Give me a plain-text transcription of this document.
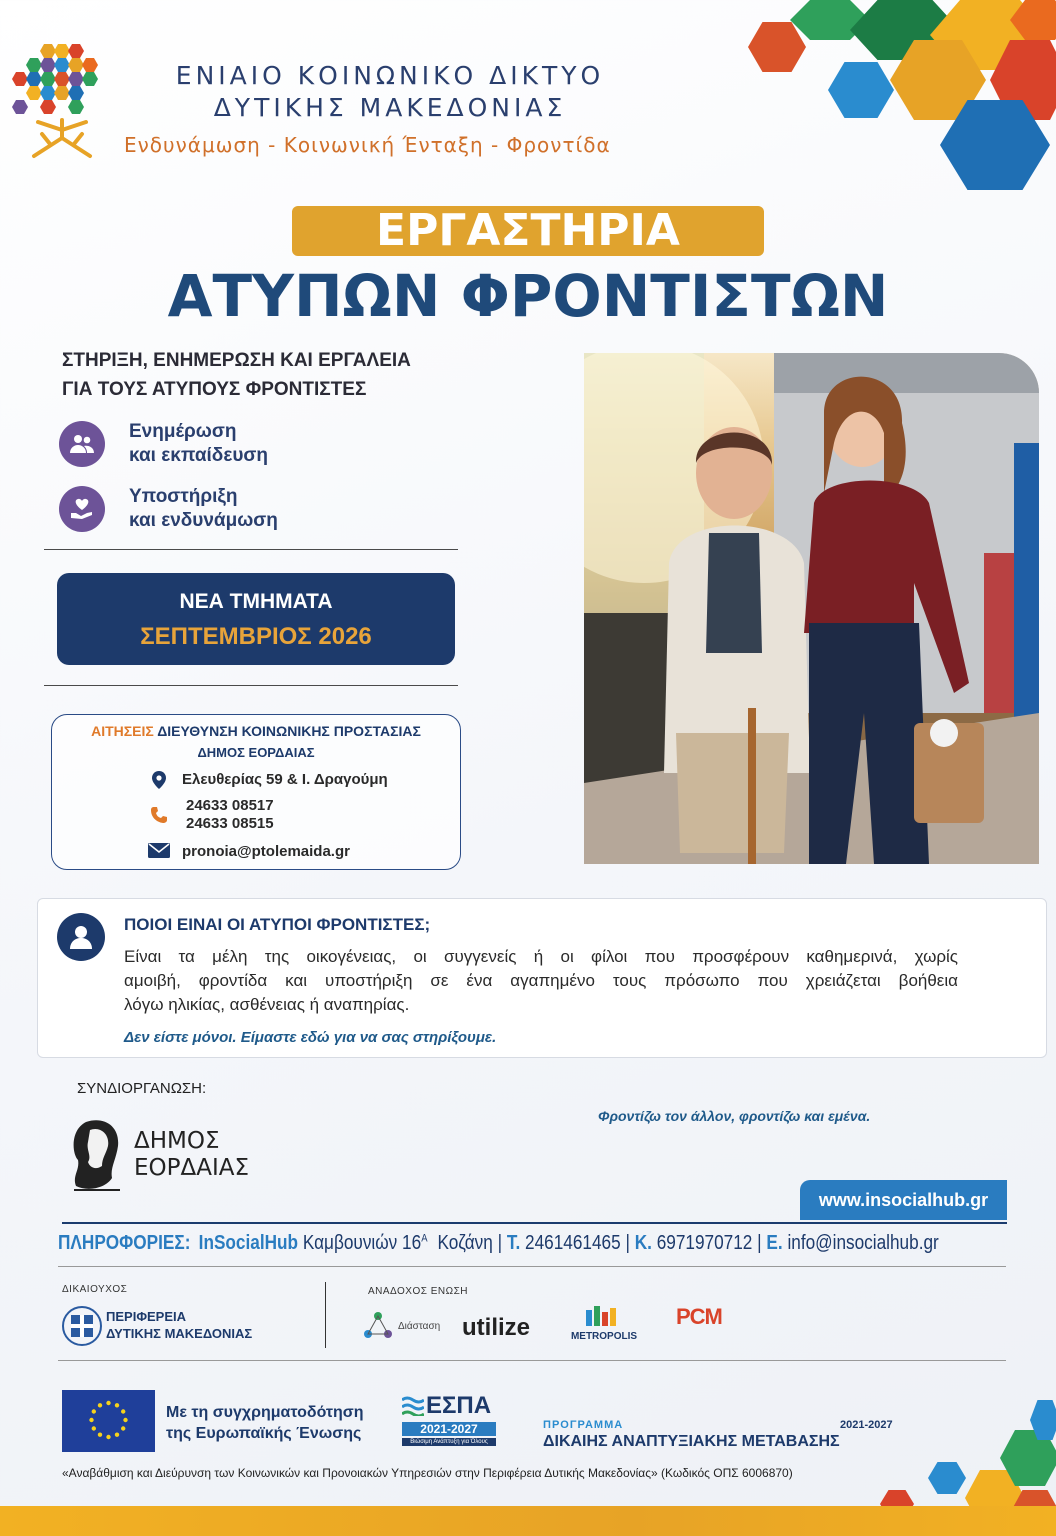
ΕΝΙΑΙΟ ΚΟΙΝΩΝΙΚΟ ΔΙΚΤΥΟ
ΔΥΤΙΚΗΣ ΜΑΚΕΔΟΝΙΑΣ
Ενδυνάμωση - Κοινωνική Ένταξη - Φροντίδα
ΕΡΓΑΣΤΗΡΙΑ
ΑΤΥΠΩΝ ΦΡΟΝΤΙΣΤΩΝ
ΣΤΗΡΙΞΗ, ΕΝΗΜΕΡΩΣΗ ΚΑΙ ΕΡΓΑΛΕΙΑ
ΓΙΑ ΤΟΥΣ ΑΤΥΠΟΥΣ ΦΡΟΝΤΙΣΤΕΣ
Ενημέρωση
και εκπαίδευση
Υποστήριξη
και ενδυνάμωση
ΝΕΑ ΤΜΗΜΑΤΑ
ΣΕΠΤΕΜΒΡΙΟΣ 2026
ΑΙΤΗΣΕΙΣ ΔΙΕΥΘΥΝΣΗ ΚΟΙΝΩΝΙΚΗΣ ΠΡΟΣΤΑΣΙΑΣ
ΔΗΜΟΣ ΕΟΡΔΑΙΑΣ
Ελευθερίας 59 & Ι. Δραγούμη
24633 08517
24633 08515
pronoia@ptolemaida.gr
ΠΟΙΟΙ ΕΙΝΑΙ ΟΙ ΑΤΥΠΟΙ ΦΡΟΝΤΙΣΤΕΣ;
Είναι τα μέλη της οικογένειας, οι συγγενείς ή οι φίλοι που προσφέρουν καθημερινά, χωρίς
αμοιβή, φροντίδα και υποστήριξη σε ένα αγαπημένο τους πρόσωπο που χρειάζεται βοήθεια
λόγω ηλικίας, ασθένειας ή αναπηρίας.
Δεν είστε μόνοι. Είμαστε εδώ για να σας στηρίξουμε.
ΣΥΝΔΙΟΡΓΑΝΩΣΗ:
ΔΗΜΟΣ
ΕΟΡΔΑΙΑΣ
Φροντίζω τον άλλον, φροντίζω και εμένα.
www.insocialhub.gr
ΠΛΗΡΟΦΟΡΙΕΣ: InSocialHub Καμβουνιών $16^A$ Κοζάνη | Τ. 2461461465 | Κ. 6971970712 | Ε. info@insocialhub.gr
ΔΙΚΑΙΟΥΧΟΣ
ΠΕΡΙΦΕΡΕΙΑ
ΔΥΤΙΚΗΣ ΜΑΚΕΔΟΝΙΑΣ
ΑΝΑΔΟΧΟΣ ΕΝΩΣΗ
Διάσταση utilize	METROPOLIS
PCM
Με τη συγχρηματοδότηση
της Ευρωπαϊκής Ένωσης
ΕΣΠΑ
2021-2027
Βιώσιμη Ανάπτυξη για Όλους
ΠΡΟΓΡΑΜΜΑ	2021-2027
ΔΙΚΑΙΗΣ ΑΝΑΠΤΥΞΙΑΚΗΣ ΜΕΤΑΒΑΣΗΣ
«Αναβάθμιση και Διεύρυνση των Κοινωνικών και Προνοιακών Υπηρεσιών στην Περιφέρεια Δυτικής Μακεδονίας» (Κωδικός ΟΠΣ 6006870)
